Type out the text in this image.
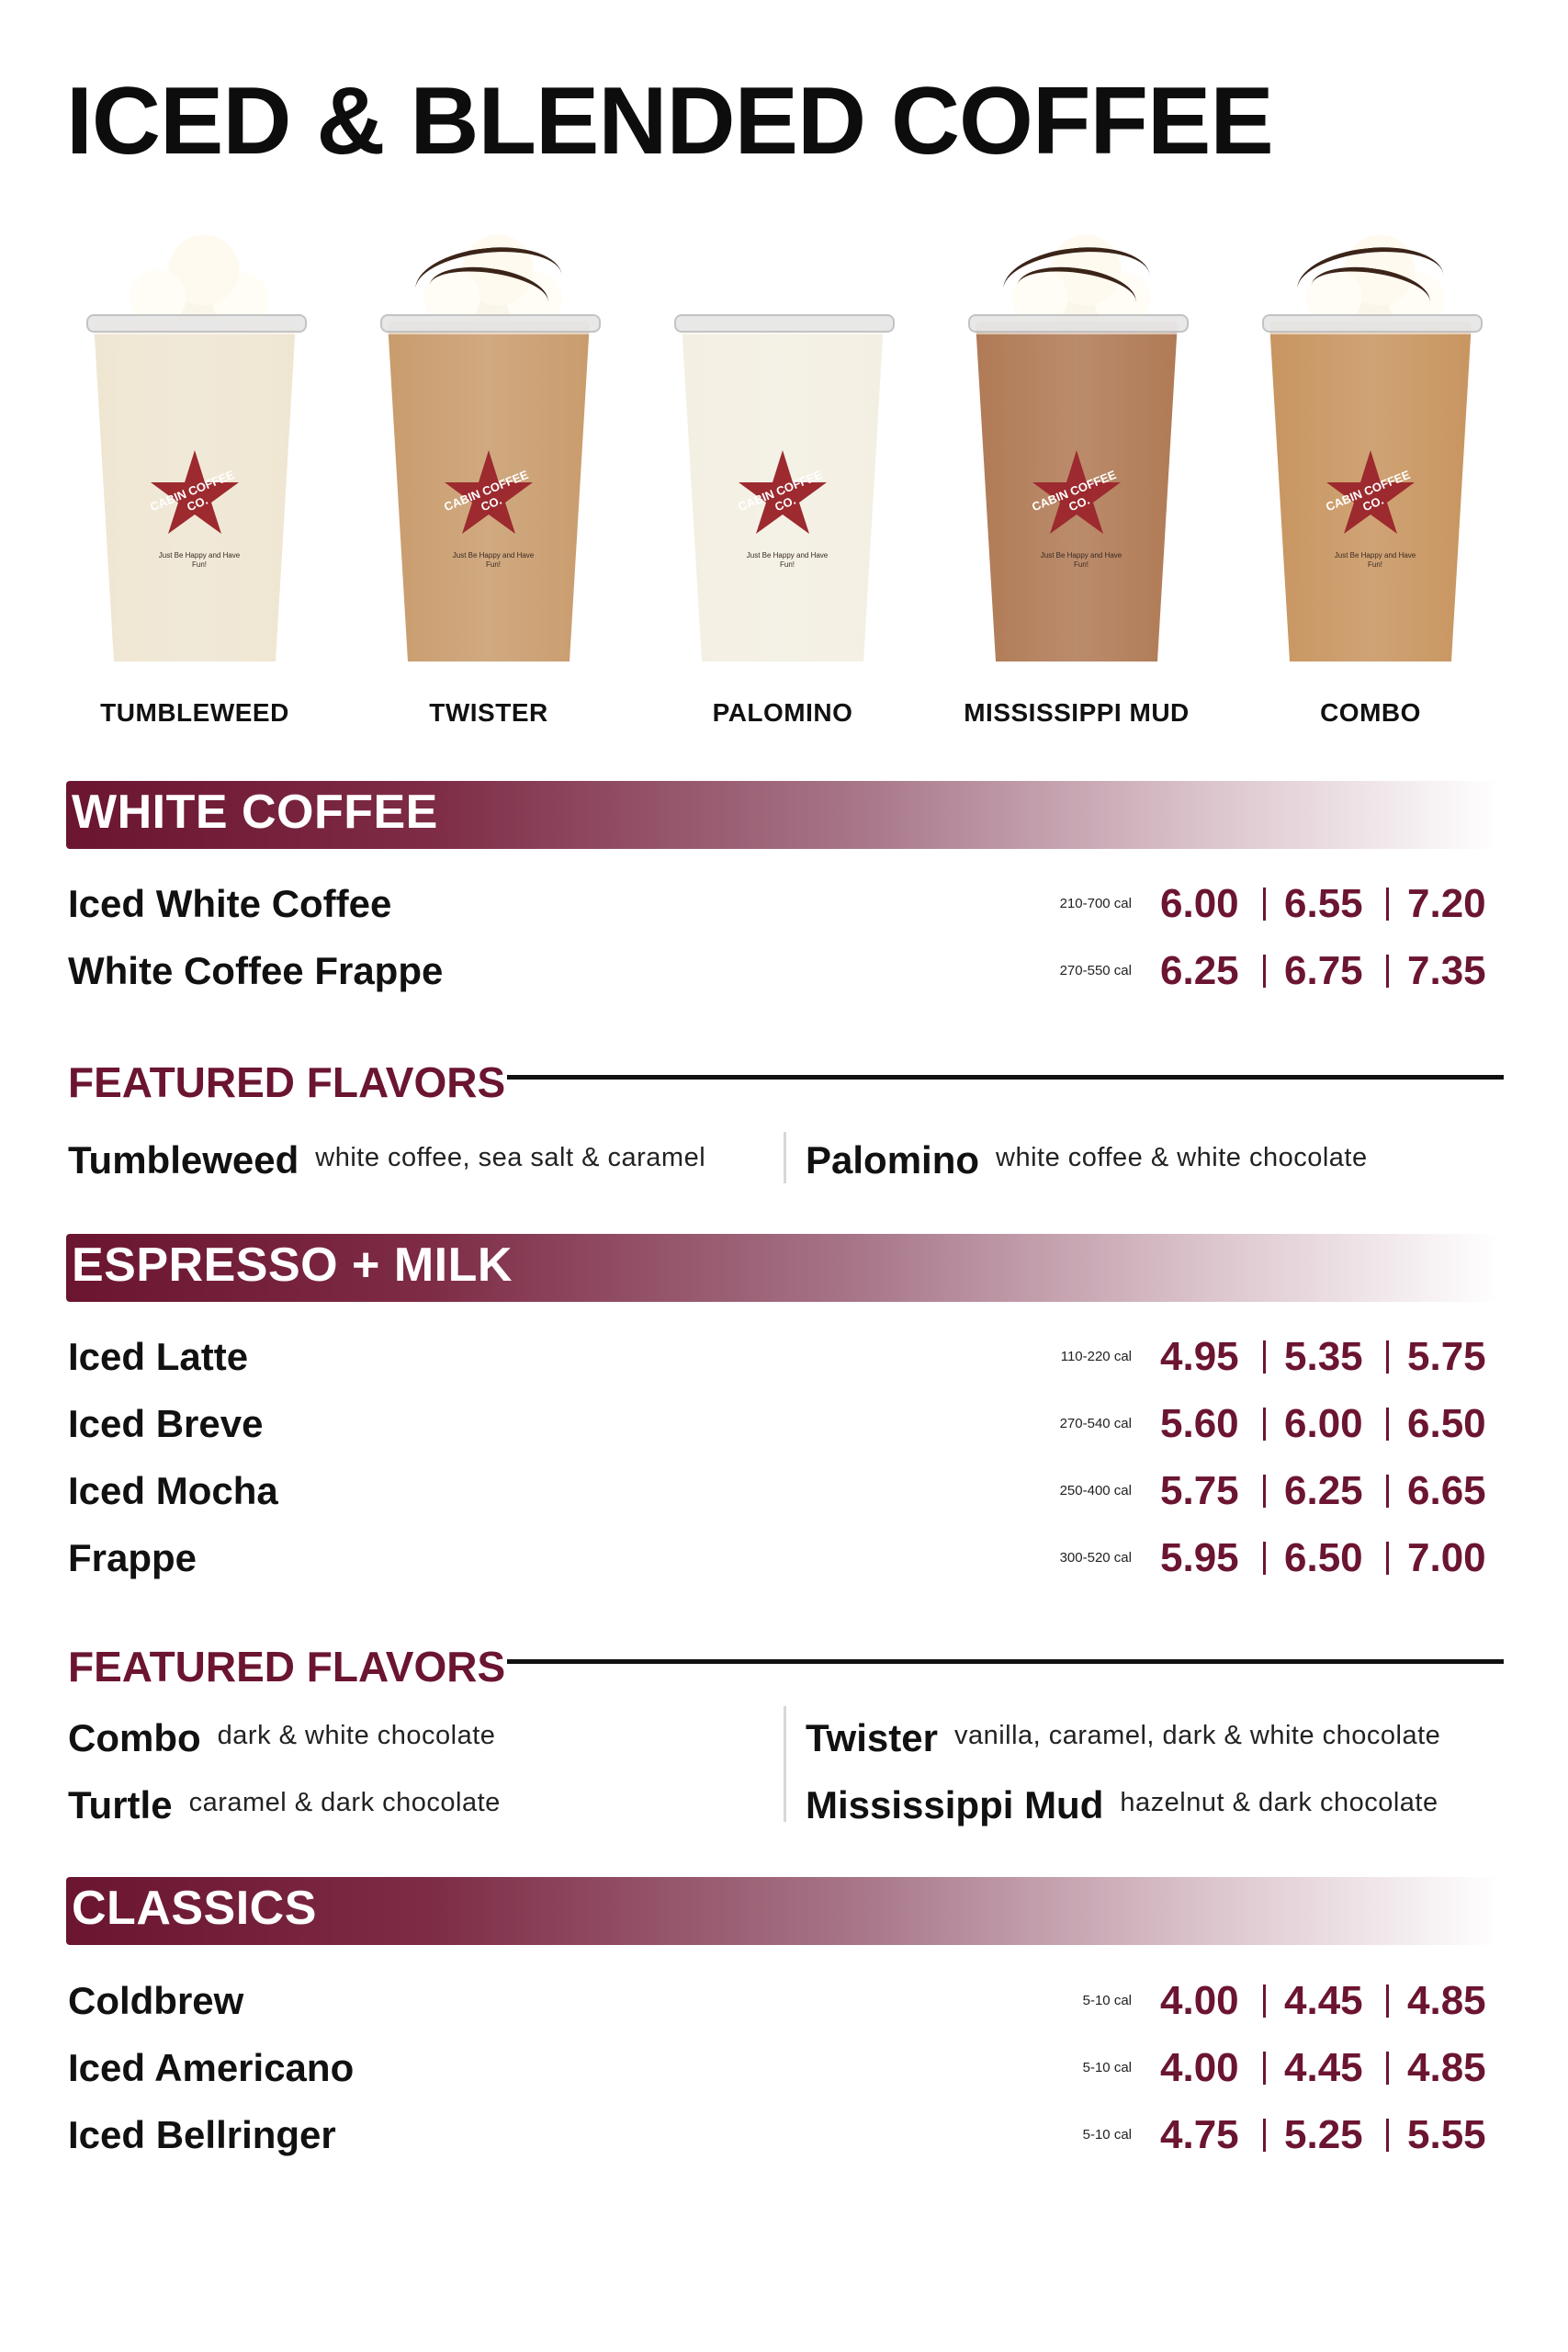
ICED & BLENDED COFFEE
CABIN COFFEE CO.
Just Be Happy and Have Fun!
TUMBLEWEED
CABIN COFFEE CO.
Just Be Happy and Have Fun!
TWISTER
CABIN COFFEE CO.
Just Be Happy and Have Fun!
PALOMINO
CABIN COFFEE CO.
Just Be Happy and Have Fun!
MISSISSIPPI MUD
CABIN COFFEE CO.
Just Be Happy and Have Fun!
COMBO
WHITE COFFEE
Iced White Coffee	210-700 cal 6.00 6.55 7.20
White Coffee Frappe	270-550 cal 6.25 6.75 7.35
FEATURED FLAVORS
Tumbleweed white coffee, sea salt & caramel	Palomino white coffee & white chocolate
ESPRESSO + MILK
Iced Latte	110-220 cal 4.95 5.35 5.75
Iced Breve	270-540 cal 5.60 6.00 6.50
Iced Mocha	250-400 cal 5.75 6.25 6.65
Frappe	300-520 cal 5.95 6.50 7.00
FEATURED FLAVORS
Combo dark & white chocolate
Turtle caramel & dark chocolate
Twister vanilla, caramel, dark & white chocolate
Mississippi Mud hazelnut & dark chocolate
CLASSICS
Coldbrew	5-10 cal 4.00 4.45 4.85
Iced Americano	5-10 cal 4.00 4.45 4.85
Iced Bellringer	5-10 cal 4.75 5.25 5.55
